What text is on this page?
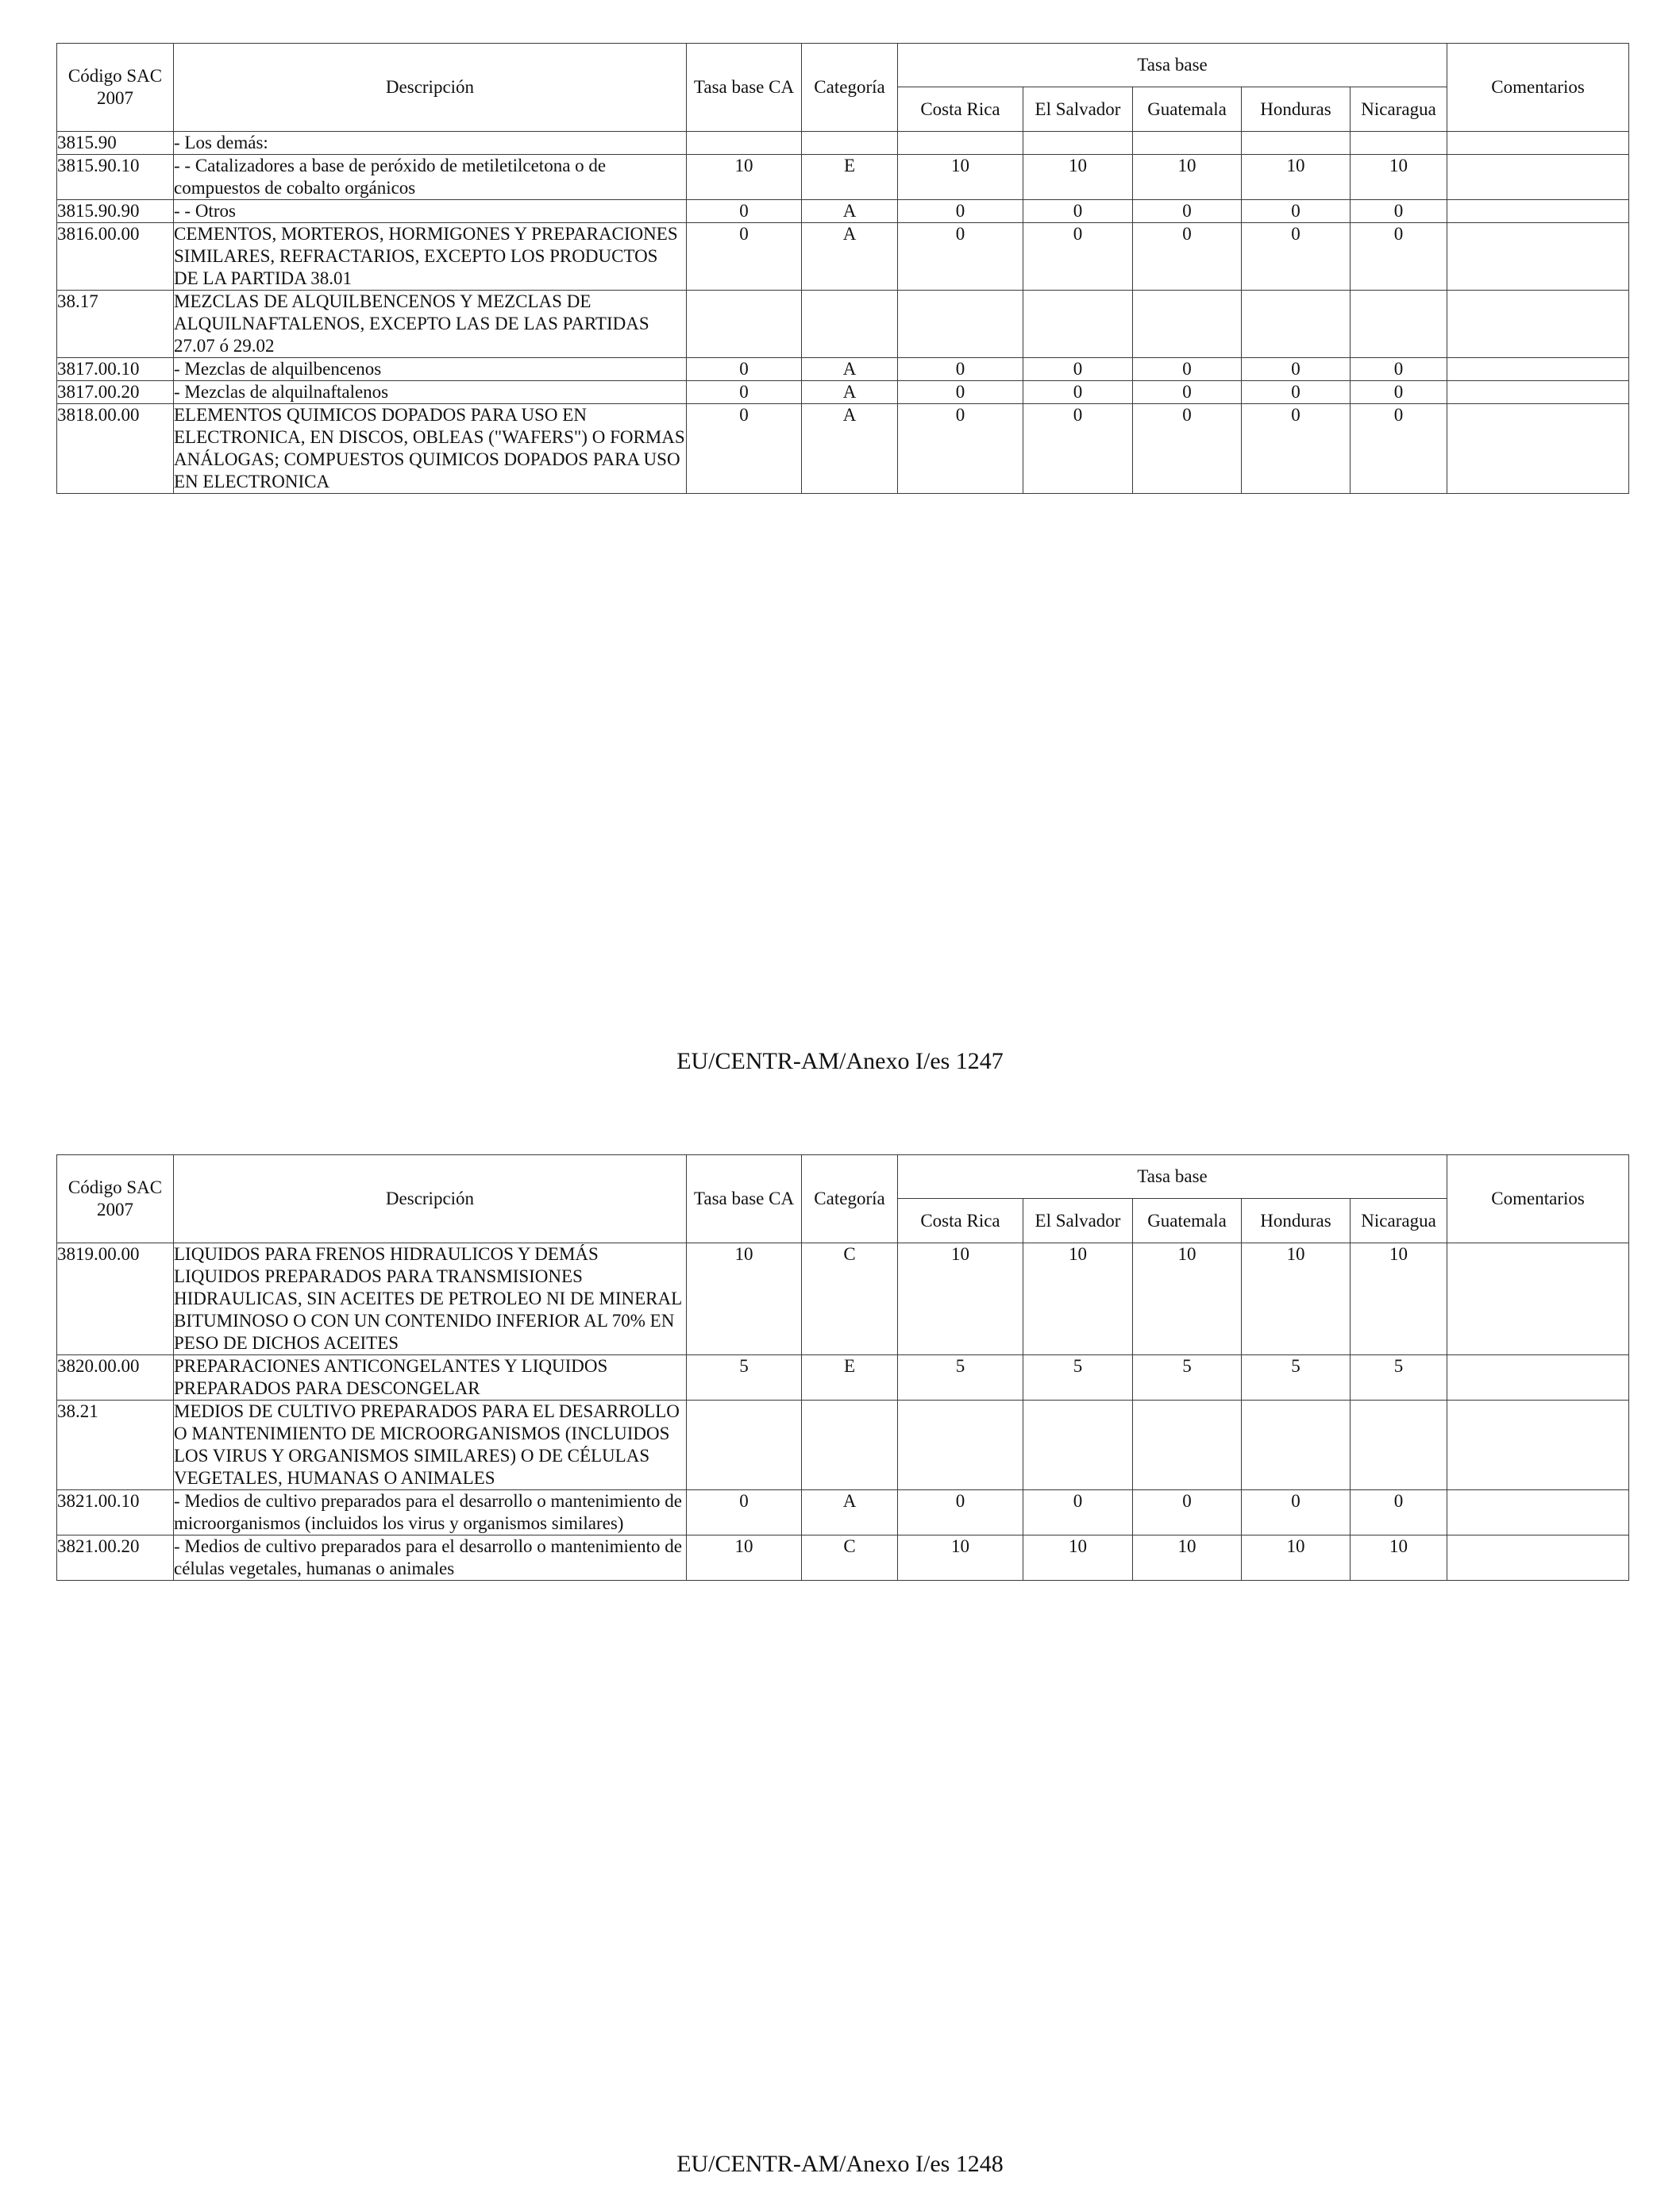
Código SAC 2007	Descripción	Tasa base CA	Categoría	Tasa base					Comentarios
				Costa Rica	El Salvador	Guatemala	Honduras	Nicaragua	
3815.90	- Los demás:								
3815.90.10	- - Catalizadores a base de peróxido de metiletilcetona o de compuestos de cobalto orgánicos	10	E	10	10	10	10	10	
3815.90.90	- - Otros	0	A	0	0	0	0	0	
3816.00.00	CEMENTOS, MORTEROS, HORMIGONES Y PREPARACIONES SIMILARES, REFRACTARIOS, EXCEPTO LOS PRODUCTOS DE LA PARTIDA 38.01	0	A	0	0	0	0	0	
38.17	MEZCLAS DE ALQUILBENCENOS Y MEZCLAS DE ALQUILNAFTALENOS, EXCEPTO LAS DE LAS PARTIDAS 27.07 ó 29.02								
3817.00.10	- Mezclas de alquilbencenos	0	A	0	0	0	0	0	
3817.00.20	- Mezclas de alquilnaftalenos	0	A	0	0	0	0	0	
3818.00.00	ELEMENTOS QUIMICOS DOPADOS PARA USO EN ELECTRONICA, EN DISCOS, OBLEAS ("WAFERS") O FORMAS ANÁLOGAS; COMPUESTOS QUIMICOS DOPADOS PARA USO EN ELECTRONICA	0	A	0	0	0	0	0	
EU/CENTR-AM/Anexo I/es 1247
Código SAC 2007	Descripción	Tasa base CA	Categoría	Tasa base					Comentarios
				Costa Rica	El Salvador	Guatemala	Honduras	Nicaragua	
3819.00.00	LIQUIDOS PARA FRENOS HIDRAULICOS Y DEMÁS LIQUIDOS PREPARADOS PARA TRANSMISIONES HIDRAULICAS, SIN ACEITES DE PETROLEO NI DE MINERAL BITUMINOSO O CON UN CONTENIDO INFERIOR AL 70% EN PESO DE DICHOS ACEITES	10	C	10	10	10	10	10	
3820.00.00	PREPARACIONES ANTICONGELANTES Y LIQUIDOS PREPARADOS PARA DESCONGELAR	5	E	5	5	5	5	5	
38.21	MEDIOS DE CULTIVO PREPARADOS PARA EL DESARROLLO O MANTENIMIENTO DE MICROORGANISMOS (INCLUIDOS LOS VIRUS Y ORGANISMOS SIMILARES) O DE CÉLULAS VEGETALES, HUMANAS O ANIMALES								
3821.00.10	- Medios de cultivo preparados para el desarrollo o mantenimiento de microorganismos (incluidos los virus y organismos similares)	0	A	0	0	0	0	0	
3821.00.20	- Medios de cultivo preparados para el desarrollo o mantenimiento de células vegetales, humanas o animales	10	C	10	10	10	10	10	
EU/CENTR-AM/Anexo I/es 1248
